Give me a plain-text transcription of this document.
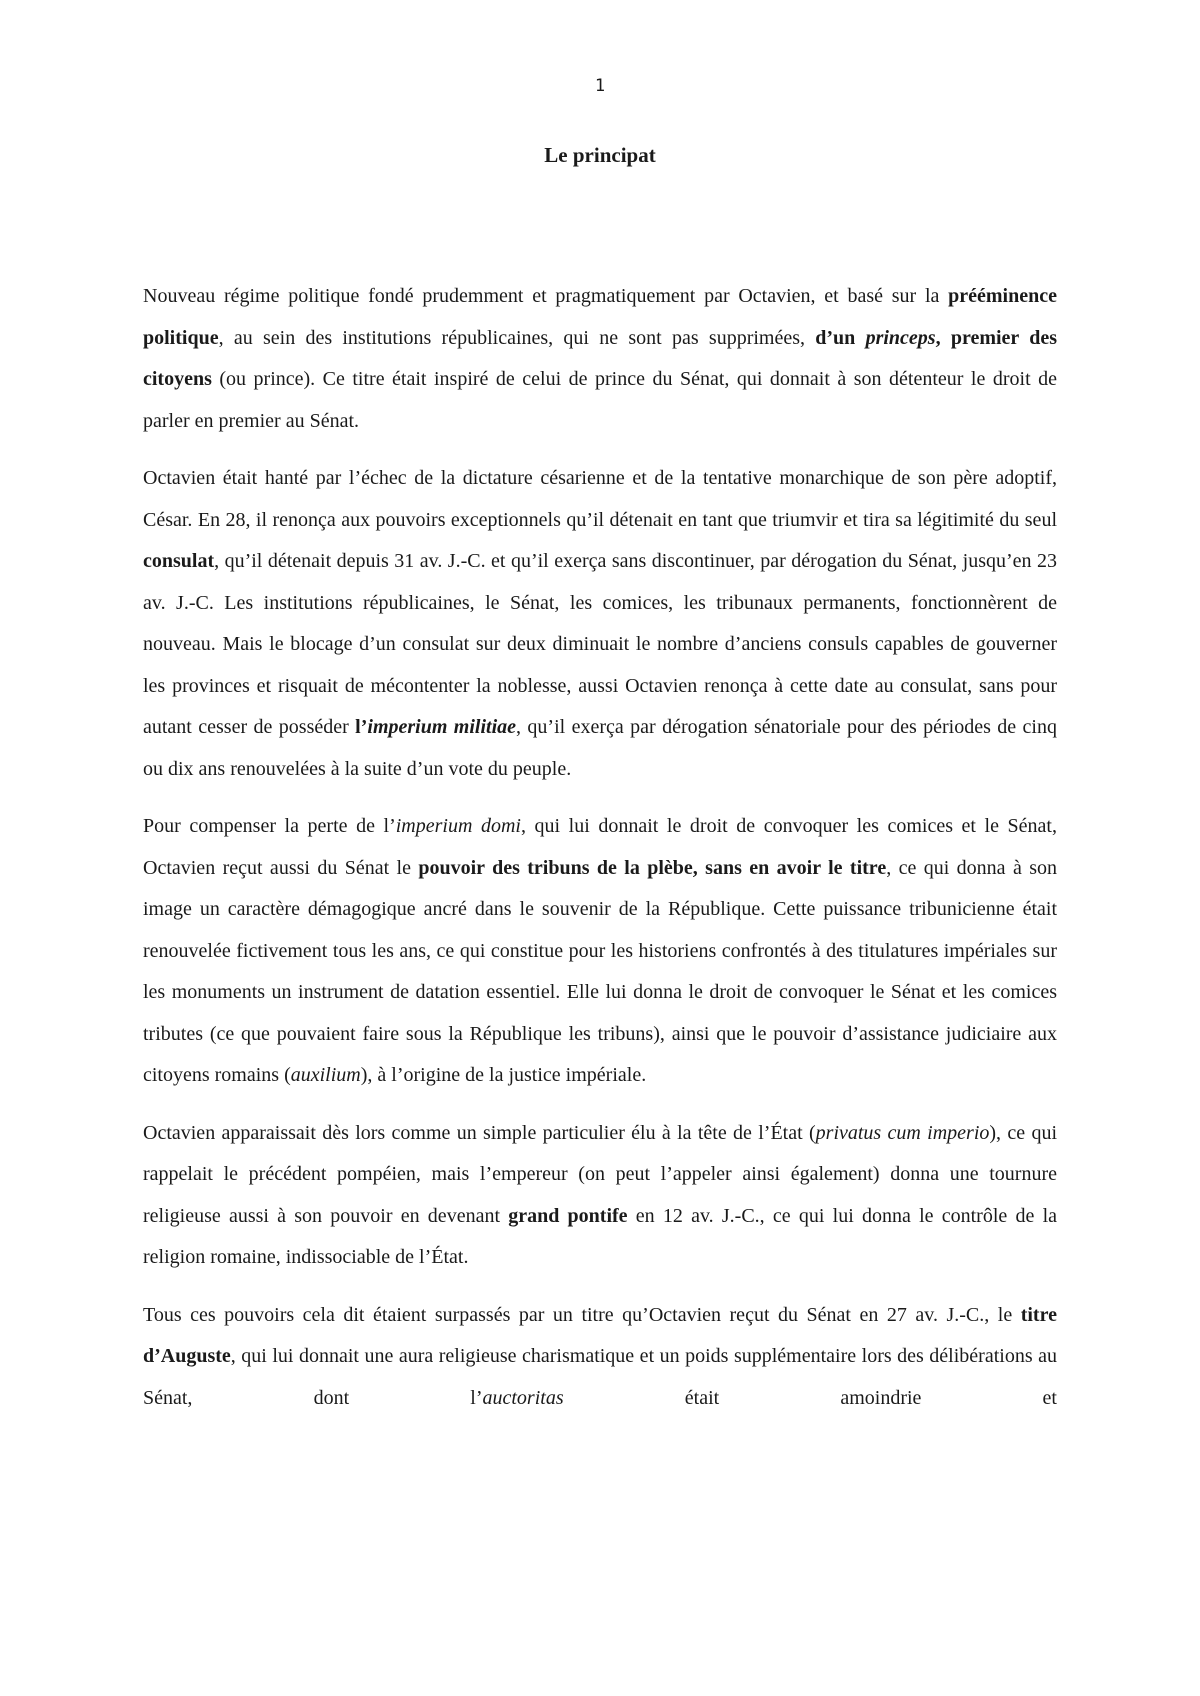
1
Le principat

Nouveau régime politique fondé prudemment et pragmatiquement par Octavien, et basé sur la prééminence politique, au sein des institutions républicaines, qui ne sont pas supprimées, d’un princeps, premier des citoyens (ou prince). Ce titre était inspiré de celui de prince du Sénat, qui donnait à son détenteur le droit de parler en premier au Sénat.

Octavien était hanté par l’échec de la dictature césarienne et de la tentative monarchique de son père adoptif, César. En 28, il renonça aux pouvoirs exceptionnels qu’il détenait en tant que triumvir et tira sa légitimité du seul consulat, qu’il détenait depuis 31 av. J.-C. et qu’il exerça sans discontinuer, par dérogation du Sénat, jusqu’en 23 av. J.-C. Les institutions républicaines, le Sénat, les comices, les tribunaux permanents, fonctionnèrent de nouveau. Mais le blocage d’un consulat sur deux diminuait le nombre d’anciens consuls capables de gouverner les provinces et risquait de mécontenter la noblesse, aussi Octavien renonça à cette date au consulat, sans pour autant cesser de posséder l’imperium militiae, qu’il exerça par dérogation sénatoriale pour des périodes de cinq ou dix ans renouvelées à la suite d’un vote du peuple.

Pour compenser la perte de l’imperium domi, qui lui donnait le droit de convoquer les comices et le Sénat, Octavien reçut aussi du Sénat le pouvoir des tribuns de la plèbe, sans en avoir le titre, ce qui donna à son image un caractère démagogique ancré dans le souvenir de la République. Cette puissance tribunicienne était renouvelée fictivement tous les ans, ce qui constitue pour les historiens confrontés à des titulatures impériales sur les monuments un instrument de datation essentiel. Elle lui donna le droit de convoquer le Sénat et les comices tributes (ce que pouvaient faire sous la République les tribuns), ainsi que le pouvoir d’assistance judiciaire aux citoyens romains (auxilium), à l’origine de la justice impériale.

Octavien apparaissait dès lors comme un simple particulier élu à la tête de l’État (privatus cum imperio), ce qui rappelait le précédent pompéien, mais l’empereur (on peut l’appeler ainsi également) donna une tournure religieuse aussi à son pouvoir en devenant grand pontife en 12 av. J.-C., ce qui lui donna le contrôle de la religion romaine, indissociable de l’État.

Tous ces pouvoirs cela dit étaient surpassés par un titre qu’Octavien reçut du Sénat en 27 av. J.-C., le titre d’Auguste, qui lui donnait une aura religieuse charismatique et un poids supplémentaire lors des délibérations au Sénat, dont l’auctoritas était amoindrie et
